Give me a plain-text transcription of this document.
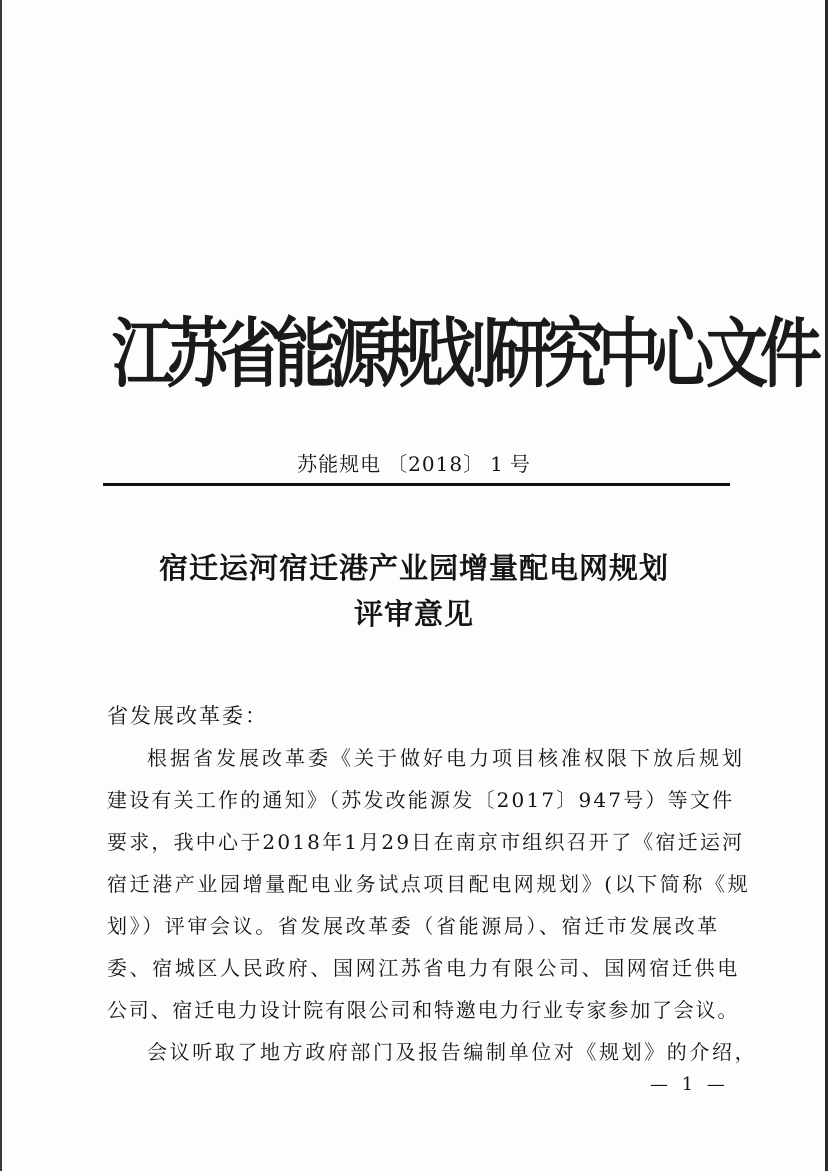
江苏省能源规划研究中心文件
苏能规电 〔2018〕 1 号
宿迁运河宿迁港产业园增量配电网规划
评审意见
省发展改革委：
根据省发展改革委《关于做好电力项目核准权限下放后规划
建设有关工作的通知》（苏发改能源发〔2017〕947号）等文件
要求，我中心于2018年1月29日在南京市组织召开了《宿迁运河
宿迁港产业园增量配电业务试点项目配电网规划》(以下简称《规
划》）评审会议。省发展改革委（省能源局）、宿迁市发展改革
委、宿城区人民政府、国网江苏省电力有限公司、国网宿迁供电
公司、宿迁电力设计院有限公司和特邀电力行业专家参加了会议。
会议听取了地方政府部门及报告编制单位对《规划》的介绍，
— 1 —
